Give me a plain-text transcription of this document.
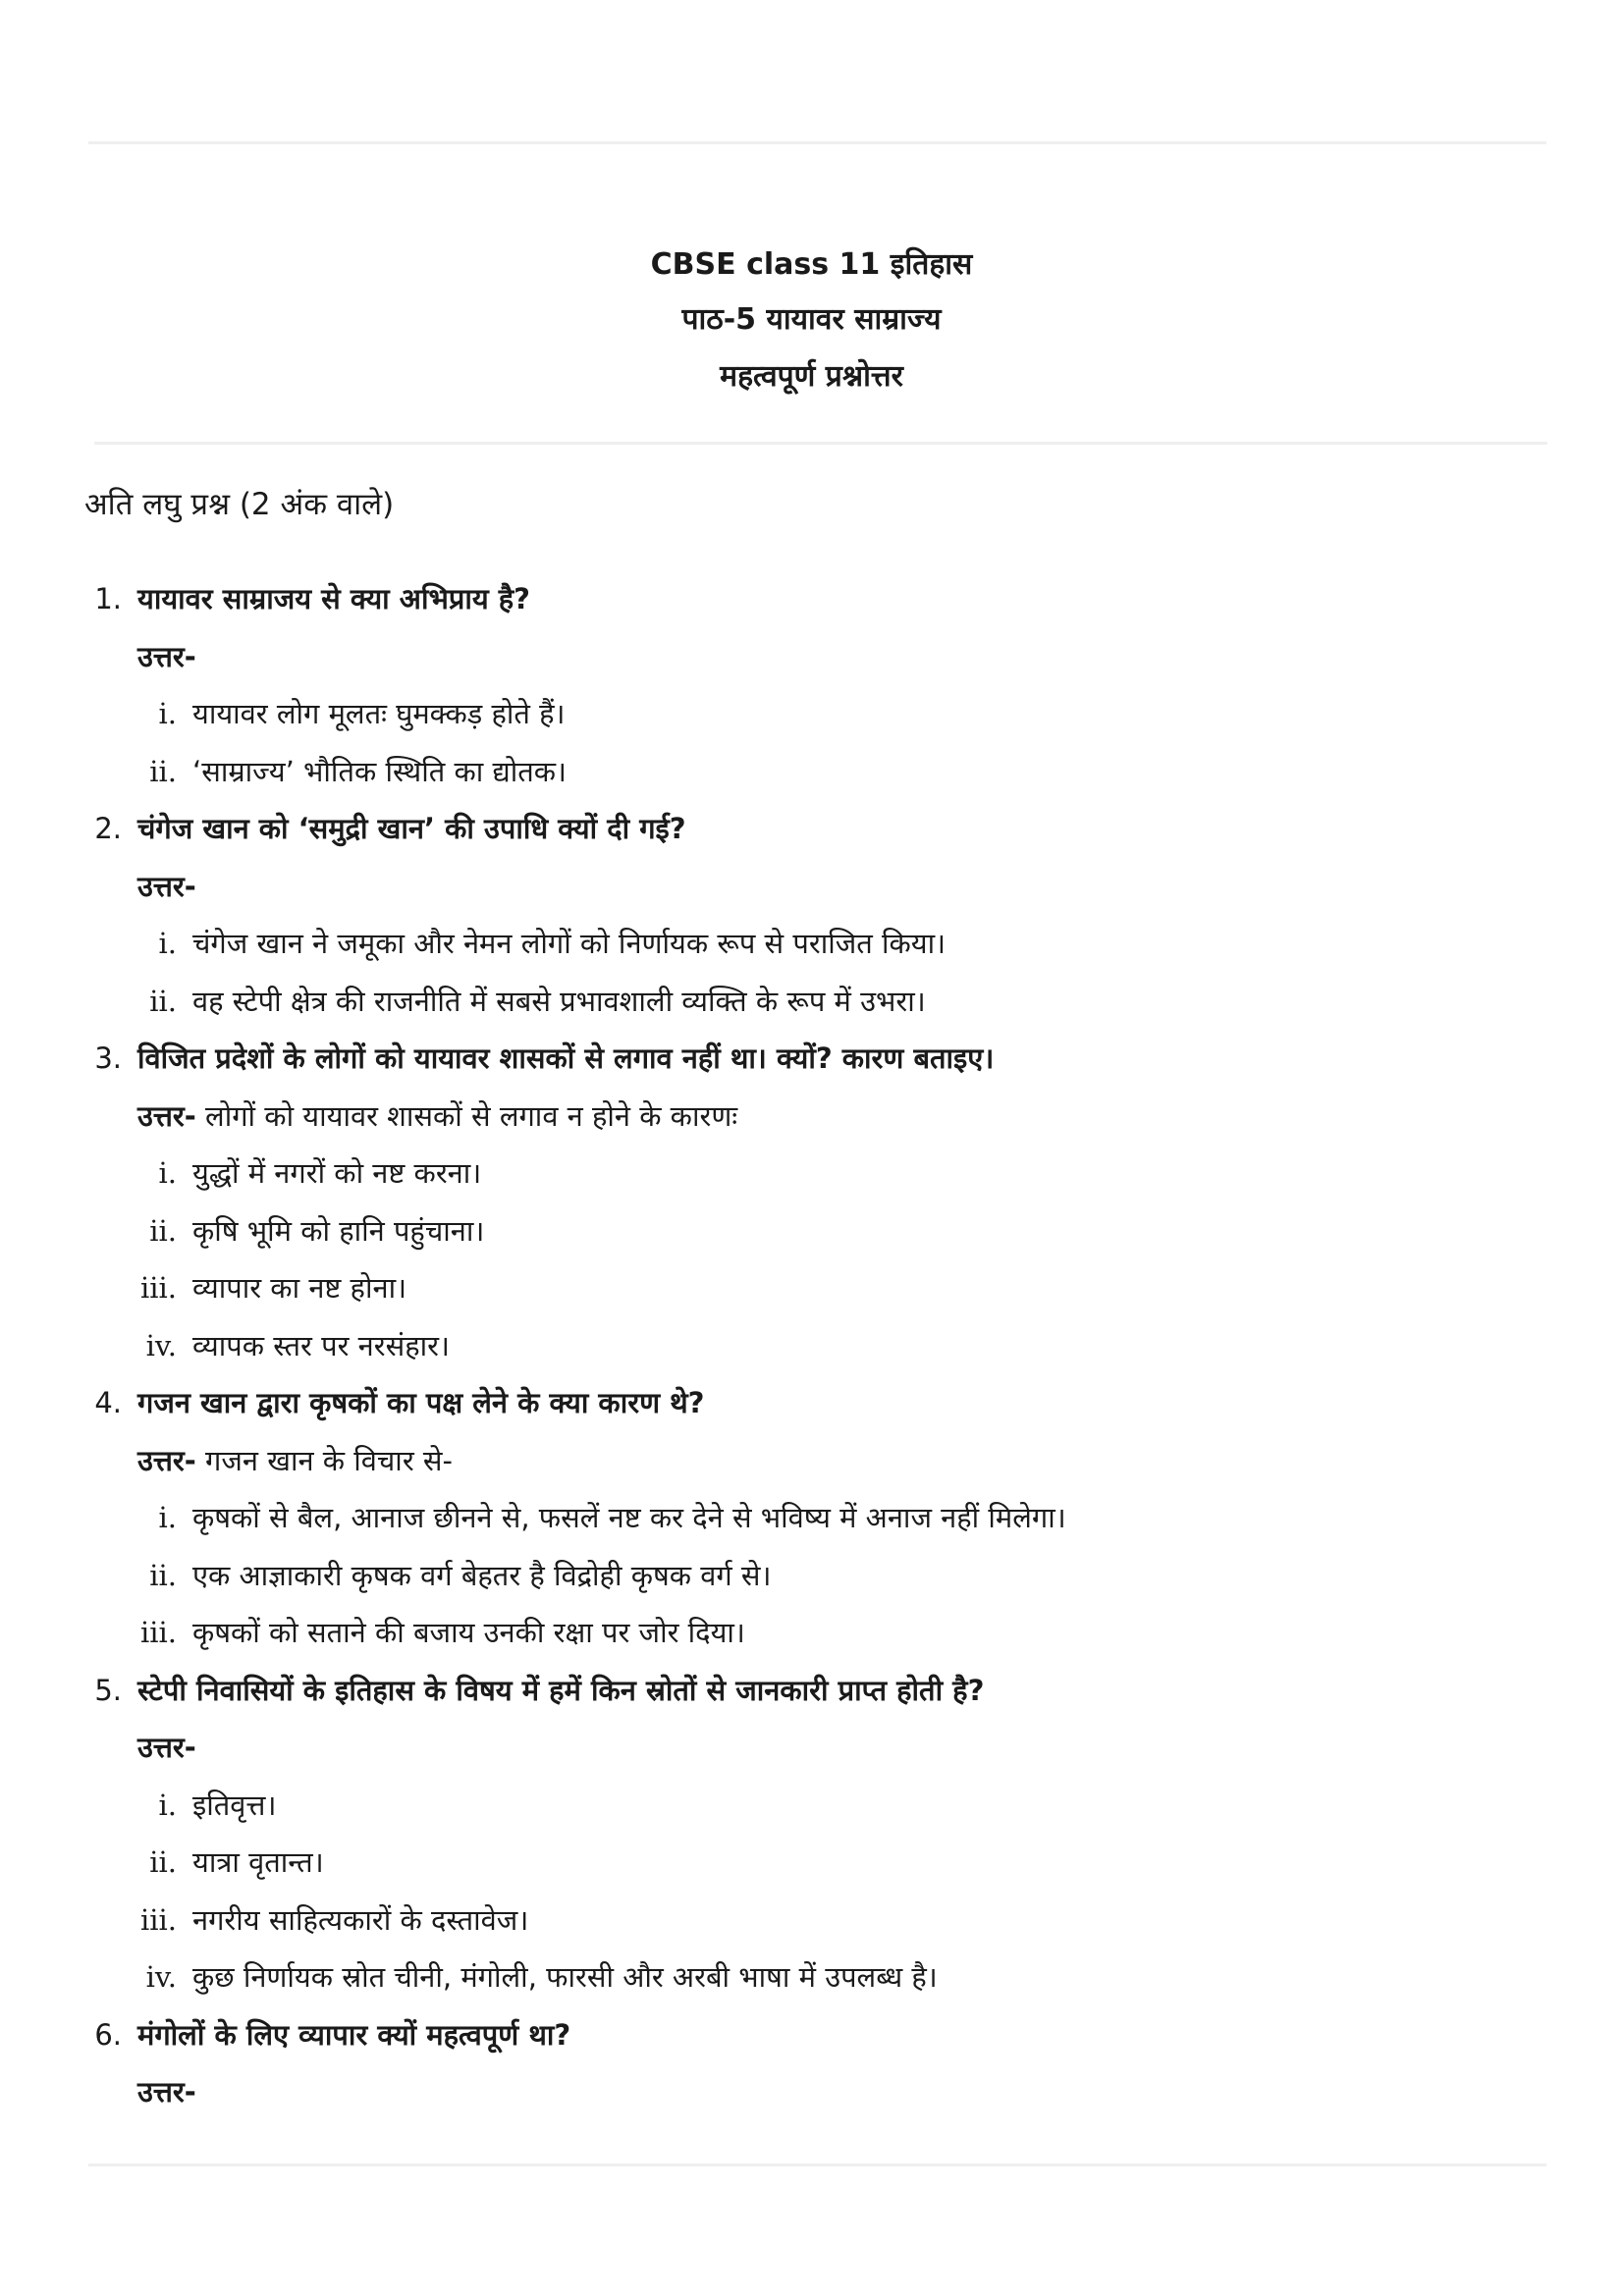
CBSE class 11 इतिहास
पाठ-5 यायावर साम्राज्य
महत्वपूर्ण प्रश्नोत्तर
अति लघु प्रश्न (2 अंक वाले)
1. यायावर साम्राजय से क्या अभिप्राय है?
उत्तर-
i. यायावर लोग मूलतः घुमक्कड़ होते हैं।
ii. ‘साम्राज्य’ भौतिक स्थिति का द्योतक।
2. चंगेज खान को ‘समुद्री खान’ की उपाधि क्यों दी गई?
उत्तर-
i. चंगेज खान ने जमूका और नेमन लोगों को निर्णायक रूप से पराजित किया।
ii. वह स्टेपी क्षेत्र की राजनीति में सबसे प्रभावशाली व्यक्ति के रूप में उभरा।
3. विजित प्रदेशों के लोगों को यायावर शासकों से लगाव नहीं था। क्यों? कारण बताइए।
उत्तर- लोगों को यायावर शासकों से लगाव न होने के कारणः
i. युद्धों में नगरों को नष्ट करना।
ii. कृषि भूमि को हानि पहुंचाना।
iii. व्यापार का नष्ट होना।
iv. व्यापक स्तर पर नरसंहार।
4. गजन खान द्वारा कृषकों का पक्ष लेने के क्या कारण थे?
उत्तर- गजन खान के विचार से-
i. कृषकों से बैल, आनाज छीनने से, फसलें नष्ट कर देने से भविष्य में अनाज नहीं मिलेगा।
ii. एक आज्ञाकारी कृषक वर्ग बेहतर है विद्रोही कृषक वर्ग से।
iii. कृषकों को सताने की बजाय उनकी रक्षा पर जोर दिया।
5. स्टेपी निवासियों के इतिहास के विषय में हमें किन स्रोतों से जानकारी प्राप्त होती है?
उत्तर-
i. इतिवृत्त।
ii. यात्रा वृतान्त।
iii. नगरीय साहित्यकारों के दस्तावेज।
iv. कुछ निर्णायक स्रोत चीनी, मंगोली, फारसी और अरबी भाषा में उपलब्ध है।
6. मंगोलों के लिए व्यापार क्यों महत्वपूर्ण था?
उत्तर-
